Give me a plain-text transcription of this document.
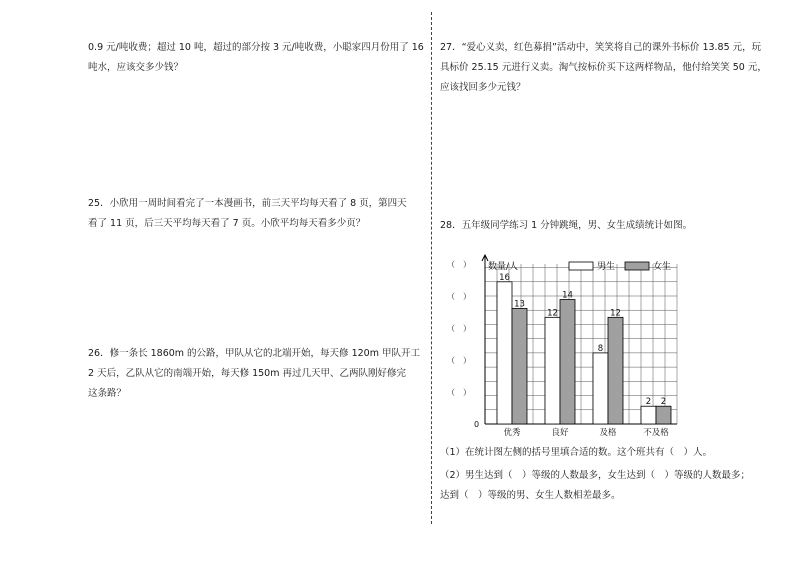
0.9 元/吨收费；超过 10 吨，超过的部分按 3 元/吨收费，小聪家四月份用了 16
吨水，应该交多少钱？

25．小欣用一周时间看完了一本漫画书，前三天平均每天看了 8 页，第四天
看了 11 页，后三天平均每天看了 7 页。小欣平均每天看多少页？

26．修一条长 1860m 的公路，甲队从它的北端开始，每天修 120m 甲队开工
2 天后，乙队从它的南端开始，每天修 150m 再过几天甲、乙两队刚好修完
这条路？

27．“爱心义卖，红色募捐”活动中，笑笑将自己的课外书标价 13.85 元，玩
具标价 25.15 元进行义卖。淘气按标价买下这两样物品，他付给笑笑 50 元，
应该找回多少元钱？

28．五年级同学练习 1 分钟跳绳，男、女生成绩统计如图。

数量/人
0
（　）
（　）
（　）
（　）
（　）	男生	女生
16
13
优秀
12
14
良好
8
12
及格
2 2
不及格

（1）在统计图左侧的括号里填合适的数。这个班共有（　）人。

（2）男生达到（　）等级的人数最多，女生达到（　）等级的人数最多；
达到（　）等级的男、女生人数相差最多。
